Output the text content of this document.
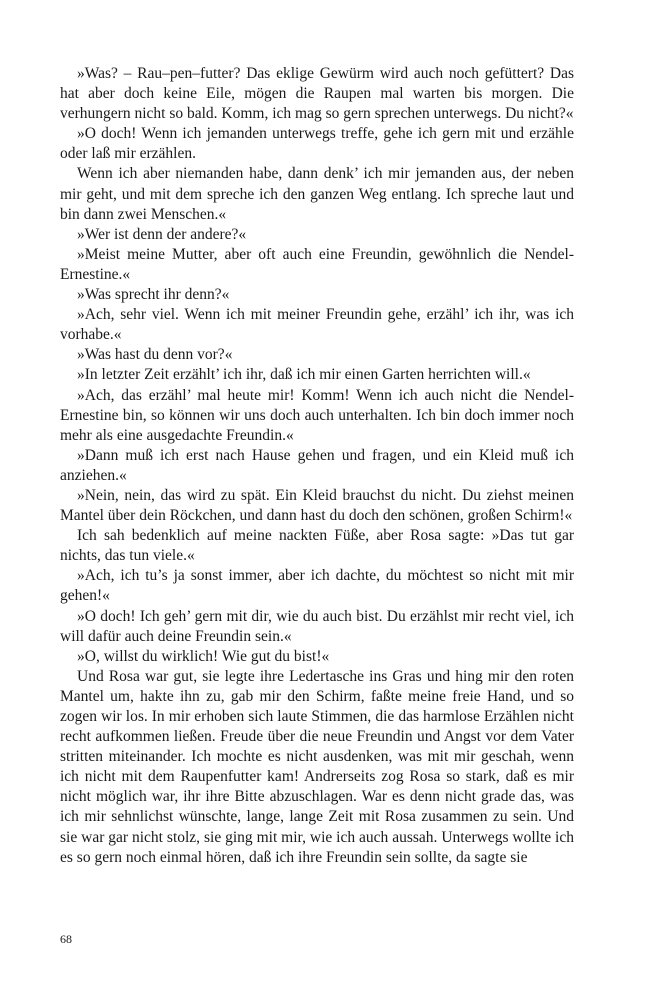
»Was? – Rau–pen–futter? Das eklige Gewürm wird auch noch gefüttert? Das hat aber doch keine Eile, mögen die Raupen mal warten bis morgen. Die verhungern nicht so bald. Komm, ich mag so gern sprechen unterwegs. Du nicht?«

»O doch! Wenn ich jemanden unterwegs treffe, gehe ich gern mit und erzähle oder laß mir erzählen.

Wenn ich aber niemanden habe, dann denk’ ich mir jemanden aus, der neben mir geht, und mit dem spreche ich den ganzen Weg entlang. Ich spreche laut und bin dann zwei Menschen.«

»Wer ist denn der andere?«

»Meist meine Mutter, aber oft auch eine Freundin, gewöhnlich die Nendel-Ernestine.«

»Was sprecht ihr denn?«

»Ach, sehr viel. Wenn ich mit meiner Freundin gehe, erzähl’ ich ihr, was ich vorhabe.«

»Was hast du denn vor?«

»In letzter Zeit erzählt’ ich ihr, daß ich mir einen Garten herrichten will.«

»Ach, das erzähl’ mal heute mir! Komm! Wenn ich auch nicht die Nendel-Ernestine bin, so können wir uns doch auch unterhalten. Ich bin doch immer noch mehr als eine ausgedachte Freundin.«

»Dann muß ich erst nach Hause gehen und fragen, und ein Kleid muß ich anziehen.«

»Nein, nein, das wird zu spät. Ein Kleid brauchst du nicht. Du ziehst meinen Mantel über dein Röckchen, und dann hast du doch den schönen, großen Schirm!«

Ich sah bedenklich auf meine nackten Füße, aber Rosa sagte: »Das tut gar nichts, das tun viele.«

»Ach, ich tu’s ja sonst immer, aber ich dachte, du möchtest so nicht mit mir gehen!«

»O doch! Ich geh’ gern mit dir, wie du auch bist. Du erzählst mir recht viel, ich will dafür auch deine Freundin sein.«

»O, willst du wirklich! Wie gut du bist!«

Und Rosa war gut, sie legte ihre Ledertasche ins Gras und hing mir den roten Mantel um, hakte ihn zu, gab mir den Schirm, faßte meine freie Hand, und so zogen wir los. In mir erhoben sich laute Stimmen, die das harmlose Erzählen nicht recht aufkommen ließen. Freude über die neue Freundin und Angst vor dem Vater stritten miteinander. Ich mochte es nicht ausdenken, was mit mir geschah, wenn ich nicht mit dem Raupenfutter kam! Andrerseits zog Rosa so stark, daß es mir nicht möglich war, ihr ihre Bitte abzuschlagen. War es denn nicht grade das, was ich mir sehnlichst wünschte, lange, lange Zeit mit Rosa zusammen zu sein. Und sie war gar nicht stolz, sie ging mit mir, wie ich auch aussah. Unterwegs wollte ich es so gern noch einmal hören, daß ich ihre Freundin sein sollte, da sagte sie

68
